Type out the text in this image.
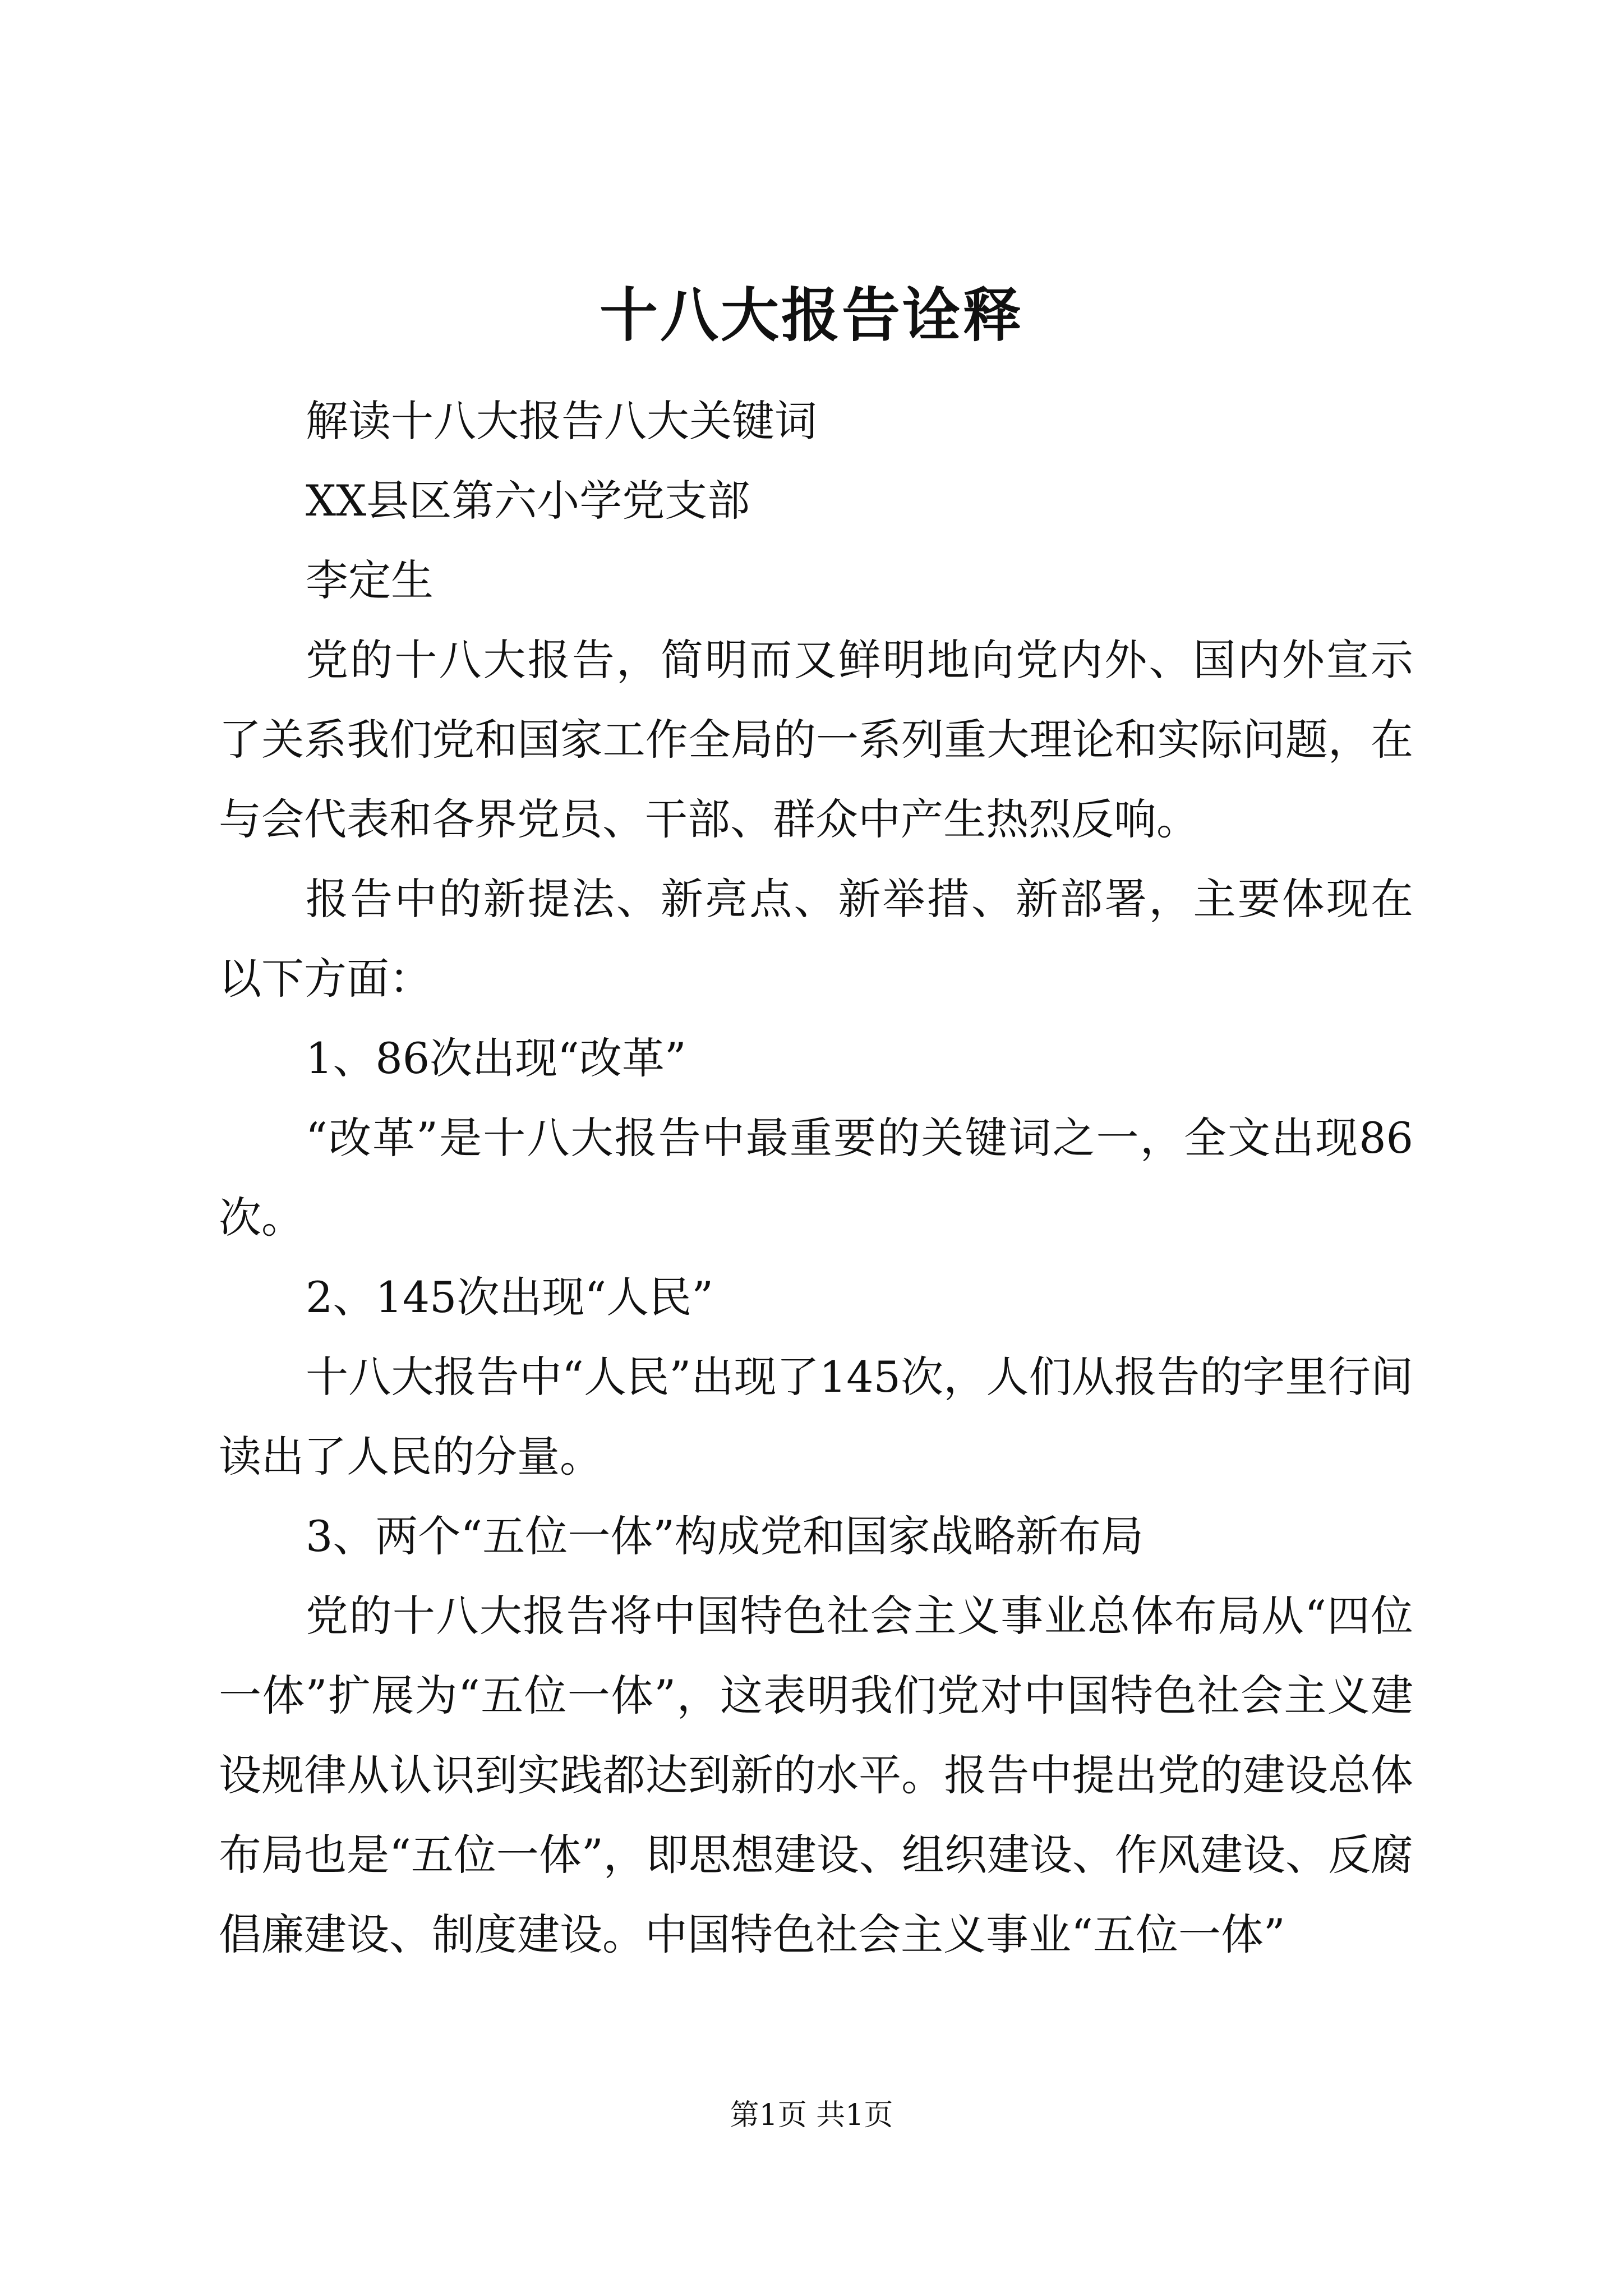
十八大报告诠释

解读十八大报告八大关键词

XX县区第六小学党支部

李定生

党的十八大报告，简明而又鲜明地向党内外、国内外宣示了关系我们党和国家工作全局的一系列重大理论和实际问题，在与会代表和各界党员、干部、群众中产生热烈反响。

报告中的新提法、新亮点、新举措、新部署，主要体现在以下方面：

1、86次出现“改革”

“改革”是十八大报告中最重要的关键词之一，全文出现86次。

2、145次出现“人民”

十八大报告中“人民”出现了145次，人们从报告的字里行间读出了人民的分量。

3、两个“五位一体”构成党和国家战略新布局

党的十八大报告将中国特色社会主义事业总体布局从“四位一体”扩展为“五位一体”，这表明我们党对中国特色社会主义建设规律从认识到实践都达到新的水平。报告中提出党的建设总体布局也是“五位一体”，即思想建设、组织建设、作风建设、反腐倡廉建设、制度建设。中国特色社会主义事业“五位一体”

第1页 共1页
